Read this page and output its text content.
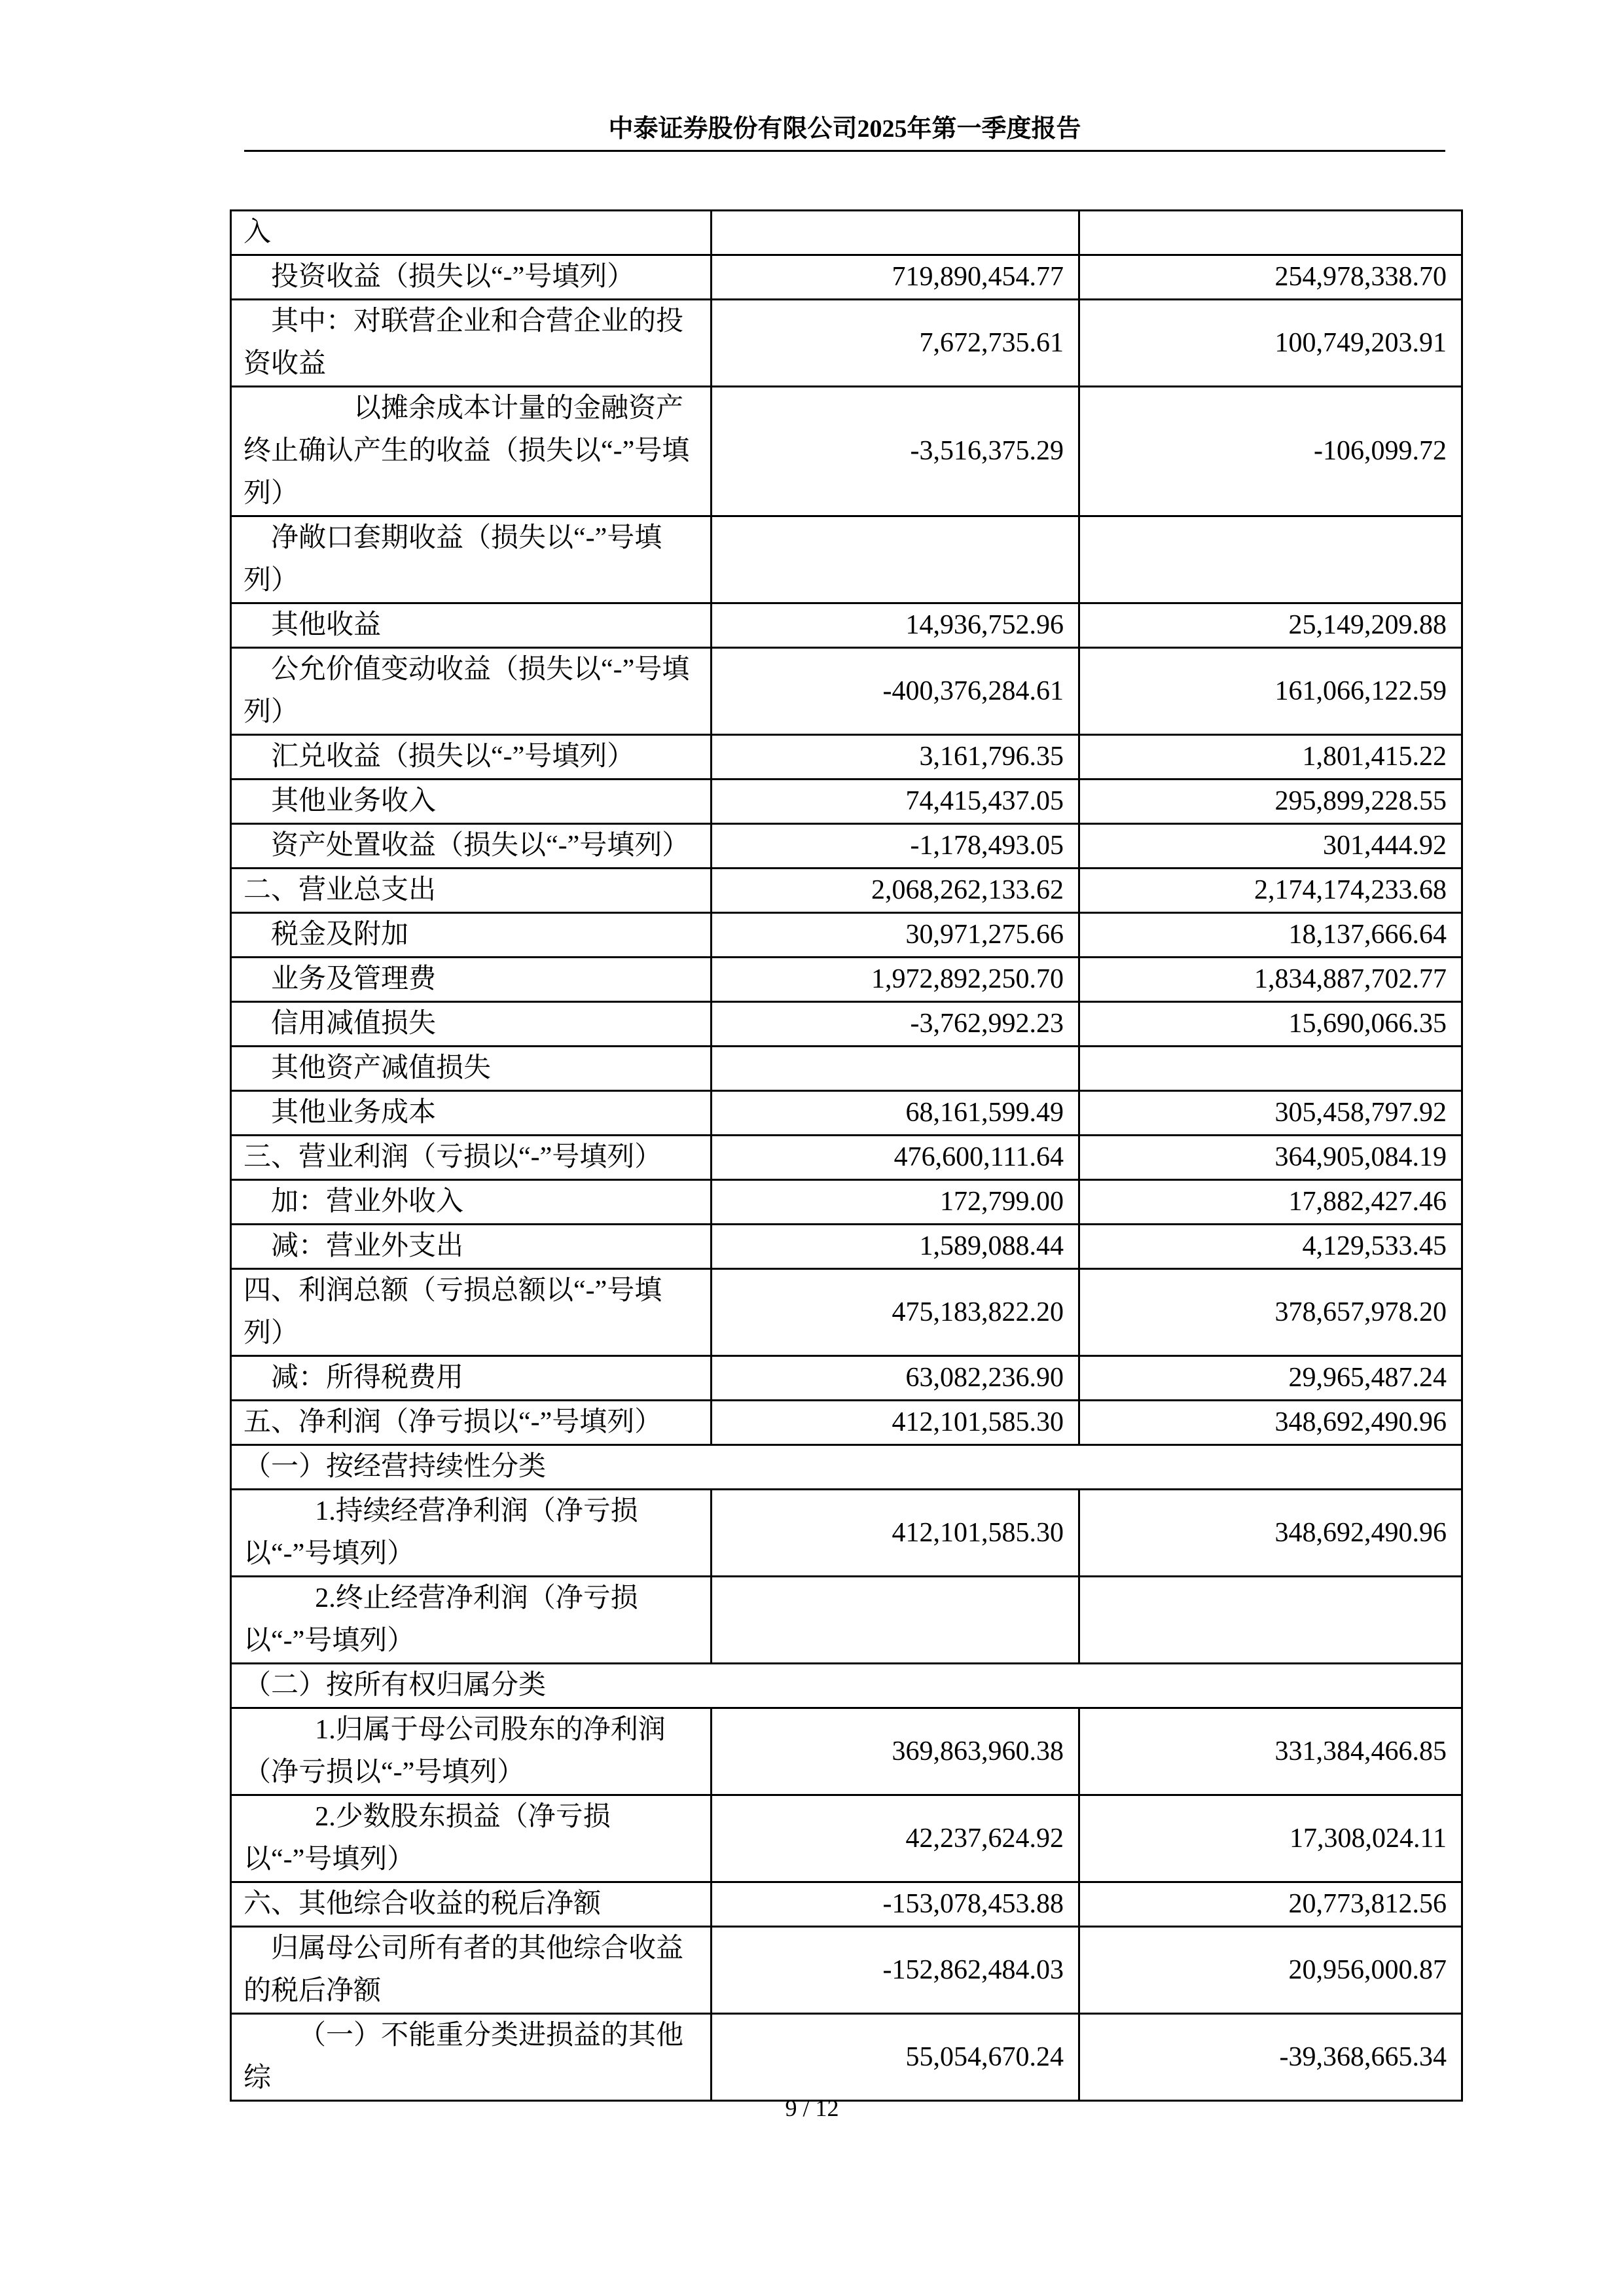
中泰证券股份有限公司2025年第一季度报告
入		
投资收益（损失以“-”号填列）	719,890,454.77	254,978,338.70
其中：对联营企业和合营企业的投资收益	7,672,735.61	100,749,203.91
以摊余成本计量的金融资产终止确认产生的收益（损失以“-”号填列）	-3,516,375.29	-106,099.72
净敞口套期收益（损失以“-”号填列）		
其他收益	14,936,752.96	25,149,209.88
公允价值变动收益（损失以“-”号填列）	-400,376,284.61	161,066,122.59
汇兑收益（损失以“-”号填列）	3,161,796.35	1,801,415.22
其他业务收入	74,415,437.05	295,899,228.55
资产处置收益（损失以“-”号填列）	-1,178,493.05	301,444.92
二、营业总支出	2,068,262,133.62	2,174,174,233.68
税金及附加	30,971,275.66	18,137,666.64
业务及管理费	1,972,892,250.70	1,834,887,702.77
信用减值损失	-3,762,992.23	15,690,066.35
其他资产减值损失		
其他业务成本	68,161,599.49	305,458,797.92
三、营业利润（亏损以“-”号填列）	476,600,111.64	364,905,084.19
加：营业外收入	172,799.00	17,882,427.46
减：营业外支出	1,589,088.44	4,129,533.45
四、利润总额（亏损总额以“-”号填列）	475,183,822.20	378,657,978.20
减：所得税费用	63,082,236.90	29,965,487.24
五、净利润（净亏损以“-”号填列）	412,101,585.30	348,692,490.96
（一）按经营持续性分类		
1.持续经营净利润（净亏损以“-”号填列）	412,101,585.30	348,692,490.96
2.终止经营净利润（净亏损以“-”号填列）		
（二）按所有权归属分类		
1.归属于母公司股东的净利润（净亏损以“-”号填列）	369,863,960.38	331,384,466.85
2.少数股东损益（净亏损以“-”号填列）	42,237,624.92	17,308,024.11
六、其他综合收益的税后净额	-153,078,453.88	20,773,812.56
归属母公司所有者的其他综合收益的税后净额	-152,862,484.03	20,956,000.87
（一）不能重分类进损益的其他综	55,054,670.24	-39,368,665.34
9 / 12
